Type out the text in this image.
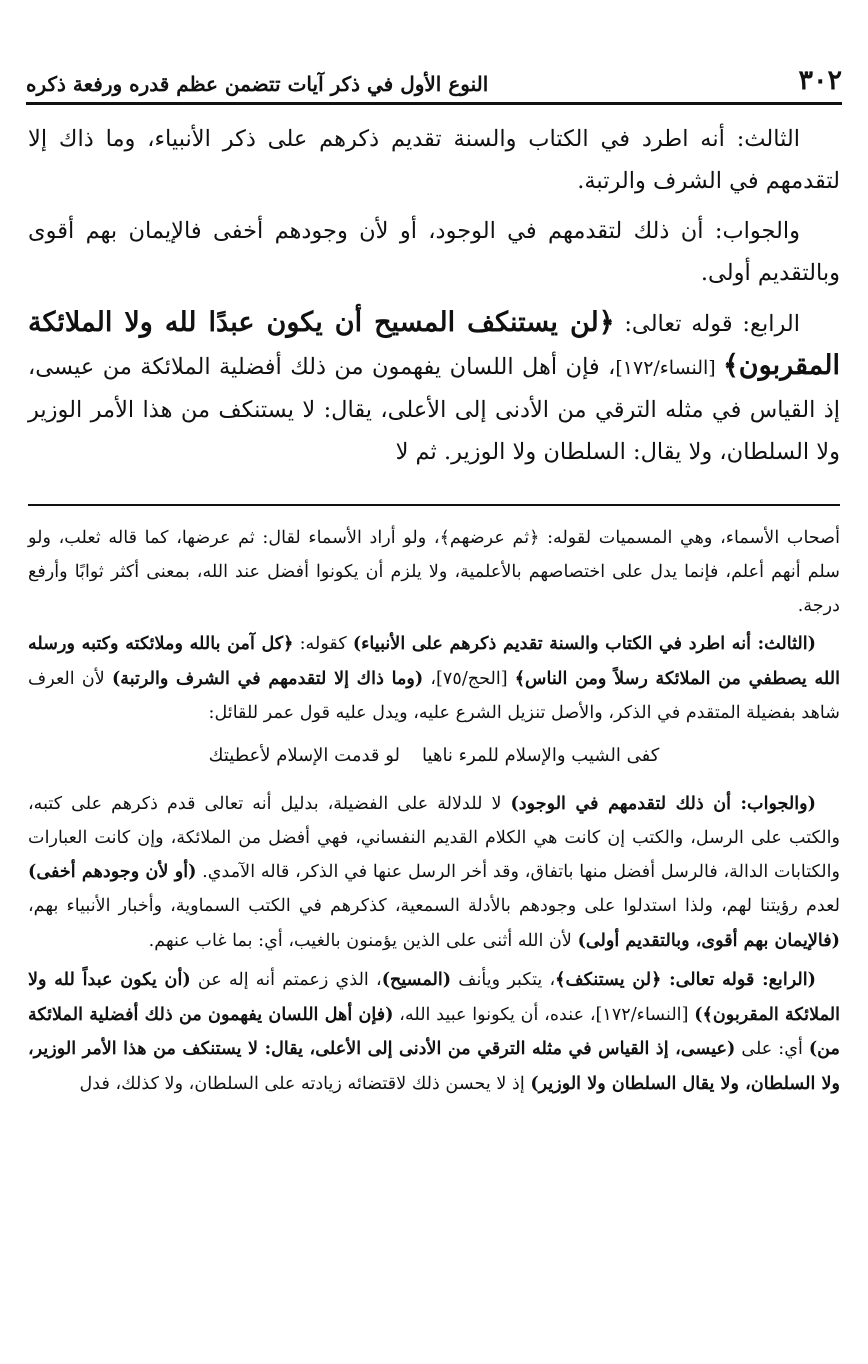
٣٠٢
النوع الأول في ذكر آيات تتضمن عظم قدره ورفعة ذكره

الثالث: أنه اطرد في الكتاب والسنة تقديم ذكرهم على ذكر الأنبياء، وما ذاك إلا لتقدمهم في الشرف والرتبة.

والجواب: أن ذلك لتقدمهم في الوجود، أو لأن وجودهم أخفى فالإيمان بهم أقوى وبالتقديم أولى.

الرابع: قوله تعالى: ﴿لن يستنكف المسيح أن يكون عبدًا لله ولا الملائكة المقربون﴾ [النساء/١٧٢]، فإن أهل اللسان يفهمون من ذلك أفضلية الملائكة من عيسى، إذ القياس في مثله الترقي من الأدنى إلى الأعلى، يقال: لا يستنكف من هذا الأمر الوزير ولا السلطان، ولا يقال: السلطان ولا الوزير. ثم لا

أصحاب الأسماء، وهي المسميات لقوله: ﴿ثم عرضهم﴾، ولو أراد الأسماء لقال: ثم عرضها، كما قاله ثعلب، ولو سلم أنهم أعلم، فإنما يدل على اختصاصهم بالأعلمية، ولا يلزم أن يكونوا أفضل عند الله، بمعنى أكثر ثوابًا وأرفع درجة.

(الثالث: أنه اطرد في الكتاب والسنة تقديم ذكرهم على الأنبياء) كقوله: ﴿كل آمن بالله وملائكته وكتبه ورسله الله يصطفي من الملائكة رسلاً ومن الناس﴾ [الحج/٧٥]، (وما ذاك إلا لتقدمهم في الشرف والرتبة) لأن العرف شاهد بفضيلة المتقدم في الذكر، والأصل تنزيل الشرع عليه، ويدل عليه قول عمر للقائل:

كفى الشيب والإسلام للمرء ناهيا
لو قدمت الإسلام لأعطيتك

(والجواب: أن ذلك لتقدمهم في الوجود) لا للدلالة على الفضيلة، بدليل أنه تعالى قدم ذكرهم على كتبه، والكتب على الرسل، والكتب إن كانت هي الكلام القديم النفساني، فهي أفضل من الملائكة، وإن كانت العبارات والكتابات الدالة، فالرسل أفضل منها باتفاق، وقد أخر الرسل عنها في الذكر، قاله الآمدي. (أو لأن وجودهم أخفى) لعدم رؤيتنا لهم، ولذا استدلوا على وجودهم بالأدلة السمعية، كذكرهم في الكتب السماوية، وأخبار الأنبياء بهم، (فالإيمان بهم أقوى، وبالتقديم أولى) لأن الله أثنى على الذين يؤمنون بالغيب، أي: بما غاب عنهم.

(الرابع: قوله تعالى: ﴿لن يستنكف﴾، يتكبر ويأنف (المسيح)، الذي زعمتم أنه إله عن (أن يكون عبداً لله ولا الملائكة المقربون﴾) [النساء/١٧٢]، عنده، أن يكونوا عبيد الله، (فإن أهل اللسان يفهمون من ذلك أفضلية الملائكة من) أي: على (عيسى، إذ القياس في مثله الترقي من الأدنى إلى الأعلى، يقال: لا يستنكف من هذا الأمر الوزير، ولا السلطان، ولا يقال السلطان ولا الوزير) إذ لا يحسن ذلك لاقتضائه زيادته على السلطان، ولا كذلك، فدل
